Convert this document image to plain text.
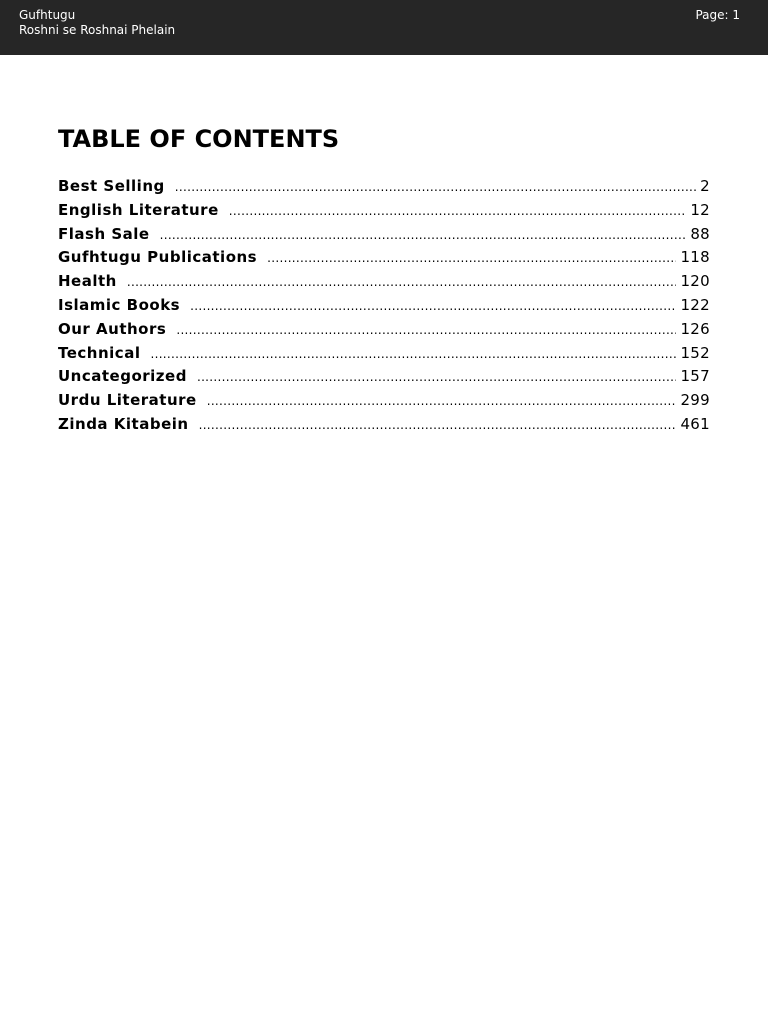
Gufhtugu
Roshni se Roshnai Phelain
Page: 1
TABLE OF CONTENTS
Best Selling .....	2
English Literature .....	12
Flash Sale .....	88
Gufhtugu Publications .....	118
Health .....	120
Islamic Books .....	122
Our Authors .....	126
Technical .....	152
Uncategorized .....	157
Urdu Literature .....	299
Zinda Kitabein .....	461
